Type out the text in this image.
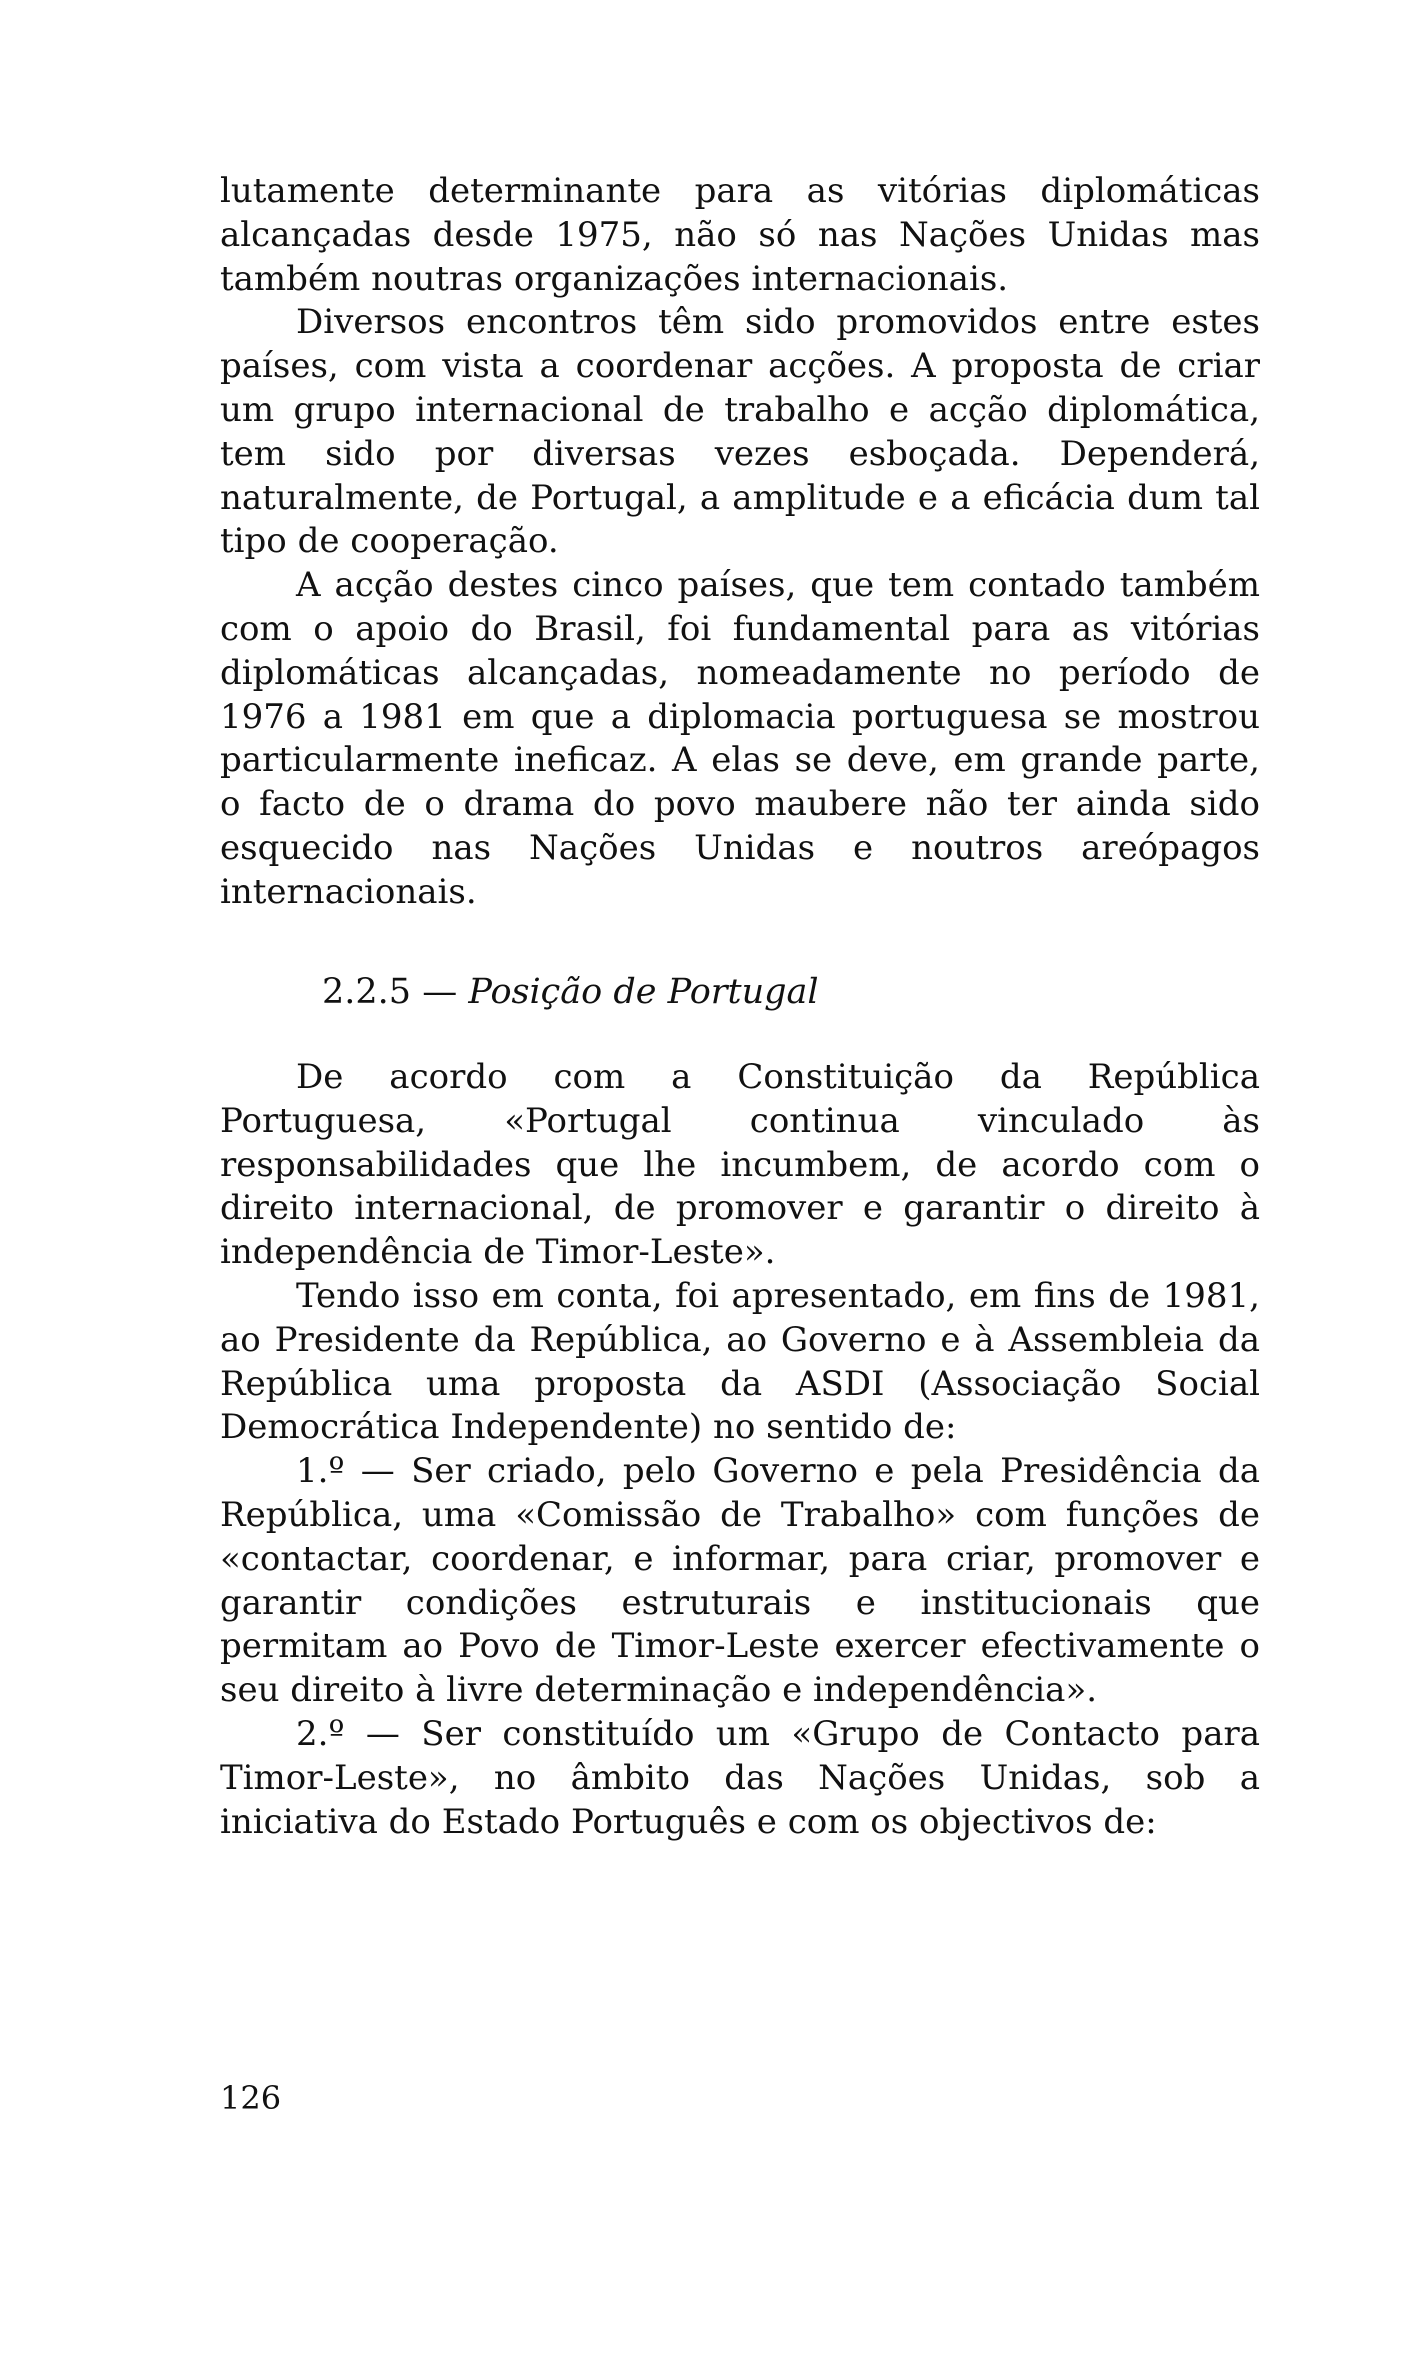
lutamente determinante para as vitórias diplomáticas alcançadas desde 1975, não só nas Nações Unidas mas também noutras organizações internacionais.

Diversos encontros têm sido promovidos entre estes países, com vista a coordenar acções. A proposta de criar um grupo internacional de trabalho e acção diplomática, tem sido por diversas vezes esboçada. Dependerá, naturalmente, de Portugal, a amplitude e a eficácia dum tal tipo de cooperação.

A acção destes cinco países, que tem contado também com o apoio do Brasil, foi fundamental para as vitórias diplomáticas alcançadas, nomeadamente no período de 1976 a 1981 em que a diplomacia portuguesa se mostrou particularmente ineficaz. A elas se deve, em grande parte, o facto de o drama do povo maubere não ter ainda sido esquecido nas Nações Unidas e noutros areópagos internacionais.

2.2.5 — Posição de Portugal

De acordo com a Constituição da República Portuguesa, «Portugal continua vinculado às responsabilidades que lhe incumbem, de acordo com o direito internacional, de promover e garantir o direito à independência de Timor-Leste».

Tendo isso em conta, foi apresentado, em fins de 1981, ao Presidente da República, ao Governo e à Assembleia da República uma proposta da ASDI (Associação Social Democrática Independente) no sentido de:

1.º — Ser criado, pelo Governo e pela Presidência da República, uma «Comissão de Trabalho» com funções de «contactar, coordenar, e informar, para criar, promover e garantir condições estruturais e institucionais que permitam ao Povo de Timor-Leste exercer efectivamente o seu direito à livre determinação e independência».

2.º — Ser constituído um «Grupo de Contacto para Timor-Leste», no âmbito das Nações Unidas, sob a iniciativa do Estado Português e com os objectivos de:

126
